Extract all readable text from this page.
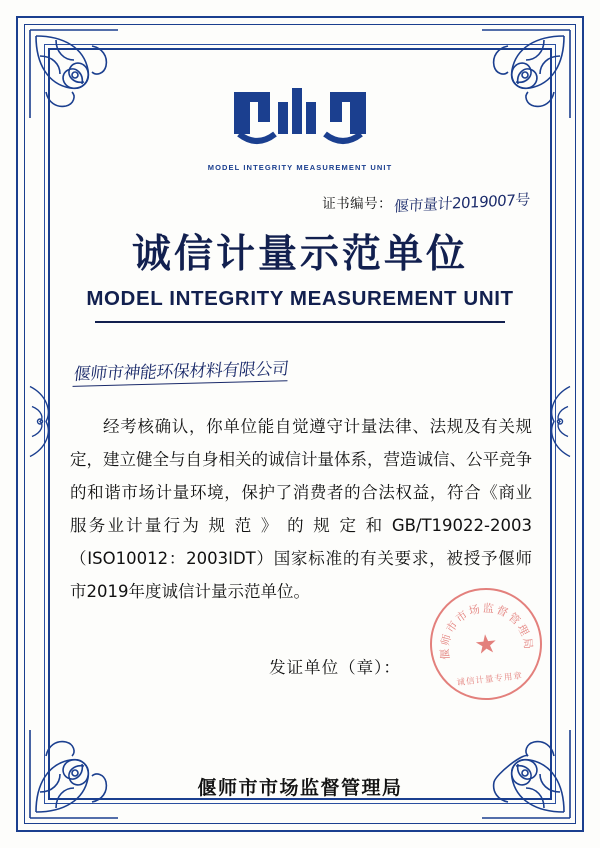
MODEL INTEGRITY MEASUREMENT UNIT
证书编号： 偃市量计2019007号
诚信计量示范单位
MODEL INTEGRITY MEASUREMENT UNIT
偃师市神能环保材料有限公司

经考核确认，你单位能自觉遵守计量法律、法规及有关规定，建立健全与自身相关的诚信计量体系，营造诚信、公平竞争的和谐市场计量环境，保护了消费者的合法权益，符合《商业 服务业计量行为 规 范 》 的 规 定 和 GB/T19022-2003（ISO10012：2003IDT）国家标准的有关要求，被授予偃师市2019年度诚信计量示范单位。

发证单位（章）：
偃师市市场监督管理局
★
诚信计量专用章
偃师市市场监督管理局
